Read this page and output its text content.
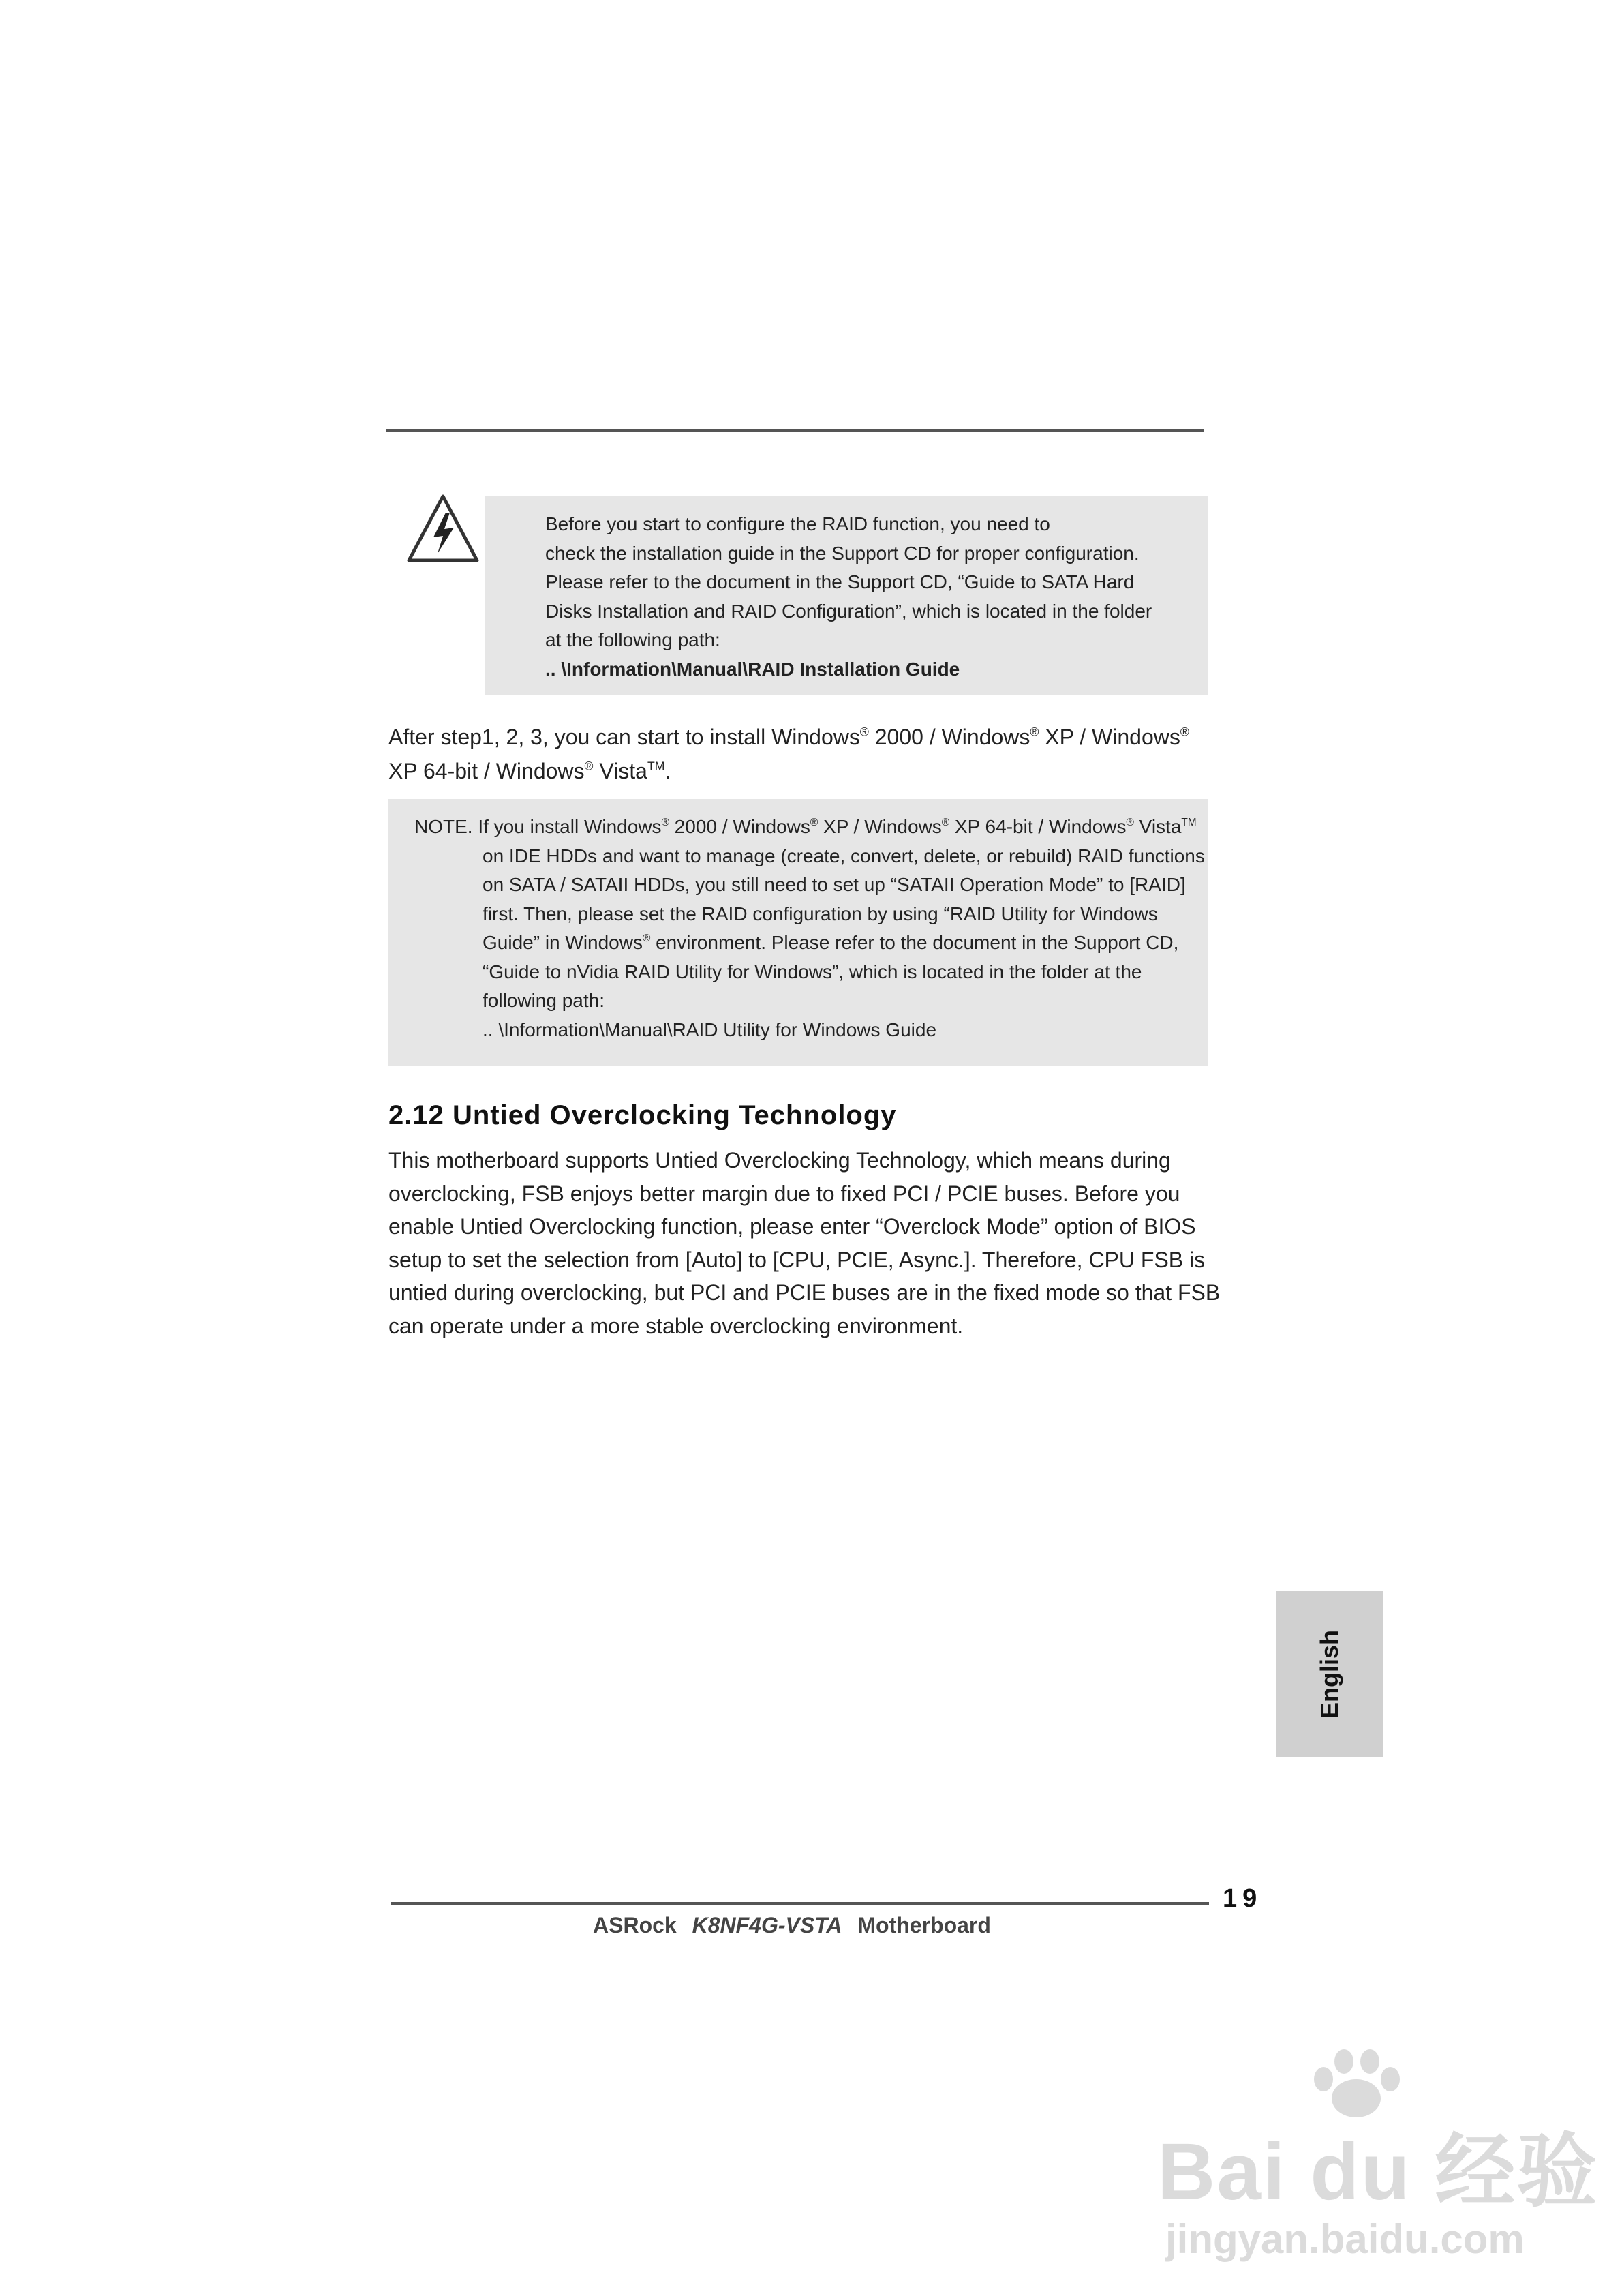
Before you start to configure the RAID function, you need to
check the installation guide in the Support CD for proper configuration.
Please refer to the document in the Support CD, “Guide to SATA Hard
Disks Installation and RAID Configuration”, which is located in the folder
at the following path:
.. \Information\Manual\RAID Installation Guide
After step1, 2, 3, you can start to install Windows® 2000 / Windows® XP / Windows®
XP 64-bit / Windows® Vista™.
NOTE. If you install Windows® 2000 / Windows® XP / Windows® XP 64-bit / Windows® Vista™
on IDE HDDs and want to manage (create, convert, delete, or rebuild) RAID functions
on SATA / SATAII HDDs, you still need to set up “SATAII Operation Mode” to [RAID]
first. Then, please set the RAID configuration by using “RAID Utility for Windows
Guide” in Windows® environment. Please refer to the document in the Support CD,
“Guide to nVidia RAID Utility for Windows”, which is located in the folder at the
following path:
.. \Information\Manual\RAID Utility for Windows Guide
2.12 Untied Overclocking Technology
This motherboard supports Untied Overclocking Technology, which means during
overclocking, FSB enjoys better margin due to fixed PCI / PCIE buses. Before you
enable Untied Overclocking function, please enter “Overclock Mode” option of BIOS
setup to set the selection from [Auto] to [CPU, PCIE, Async.]. Therefore, CPU FSB is
untied during overclocking, but PCI and PCIE buses are in the fixed mode so that FSB
can operate under a more stable overclocking environment.
English
19
ASRock K8NF4G-VSTA Motherboard
Bai du 经验
jingyan.baidu.com
